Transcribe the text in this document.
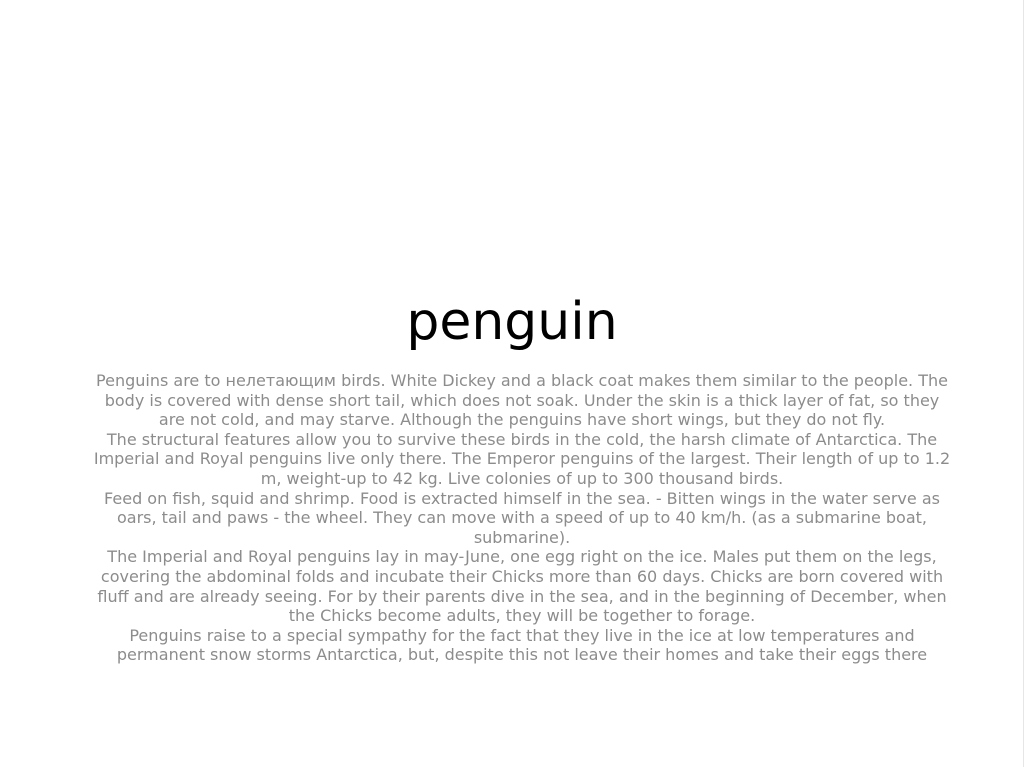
penguin

Penguins are to нелетающим birds. White Dickey and a black coat makes them similar to the people. The body is covered with dense short tail, which does not soak. Under the skin is a thick layer of fat, so they are not cold, and may starve. Although the penguins have short wings, but they do not fly.

The structural features allow you to survive these birds in the cold, the harsh climate of Antarctica. The Imperial and Royal penguins live only there. The Emperor penguins of the largest. Their length of up to 1.2 m, weight-up to 42 kg. Live colonies of up to 300 thousand birds.

Feed on fish, squid and shrimp. Food is extracted himself in the sea. - Bitten wings in the water serve as oars, tail and paws - the wheel. They can move with a speed of up to 40 km/h. (as a submarine boat, submarine).

The Imperial and Royal penguins lay in may-June, one egg right on the ice. Males put them on the legs, covering the abdominal folds and incubate their Chicks more than 60 days. Chicks are born covered with fluff and are already seeing. For by their parents dive in the sea, and in the beginning of December, when the Chicks become adults, they will be together to forage.

Penguins raise to a special sympathy for the fact that they live in the ice at low temperatures and permanent snow storms Antarctica, but, despite this not leave their homes and take their eggs there
